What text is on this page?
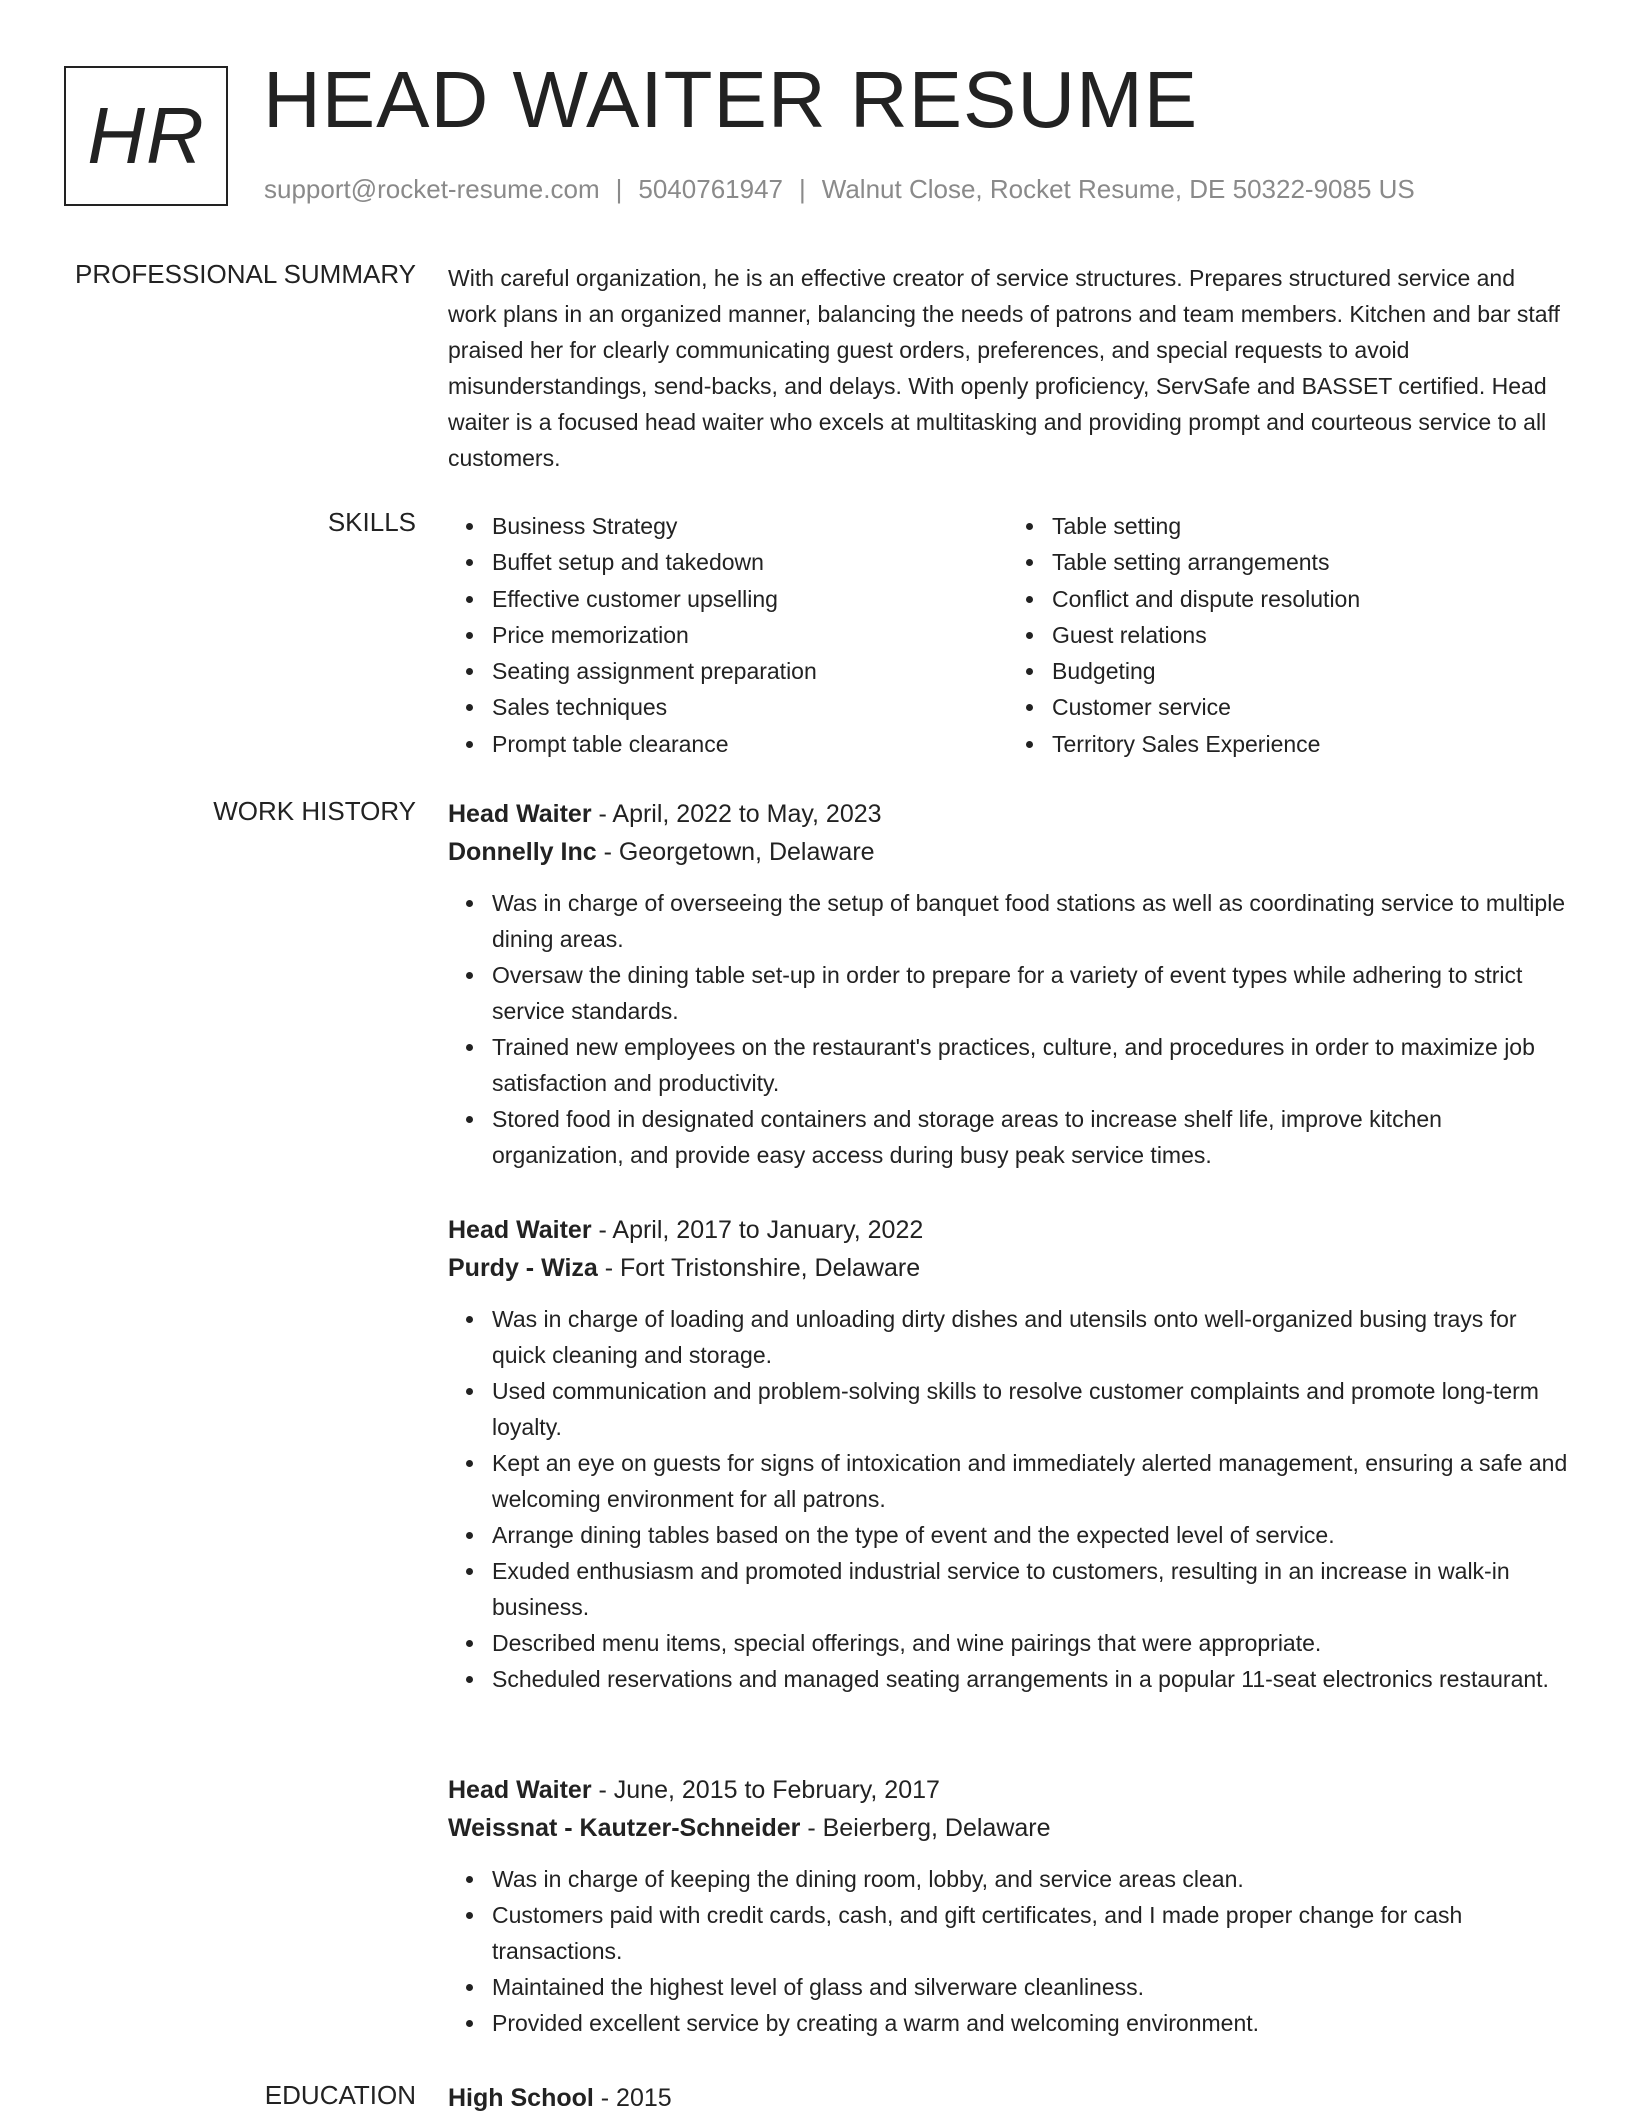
HR HEAD WAITER RESUME
support@rocket-resume.com | 5040761947 | Walnut Close, Rocket Resume, DE 50322-9085 US
PROFESSIONAL SUMMARY With careful organization, he is an effective creator of service structures. Prepares structured service and work plans in an organized manner, balancing the needs of patrons and team members. Kitchen and bar staff praised her for clearly communicating guest orders, preferences, and special requests to avoid misunderstandings, send-backs, and delays. With openly proficiency, ServSafe and BASSET certified. Head waiter is a focused head waiter who excels at multitasking and providing prompt and courteous service to all customers.

SKILLS	Business Strategy
Buffet setup and takedown
Effective customer upselling
Price memorization
Seating assignment preparation
Sales techniques
Prompt table clearance
Table setting
Table setting arrangements
Conflict and dispute resolution
Guest relations
Budgeting
Customer service
Territory Sales Experience
WORK HISTORY Head Waiter - April, 2022 to May, 2023
Donnelly Inc - Georgetown, Delaware
Was in charge of overseeing the setup of banquet food stations as well as coordinating service to multiple dining areas.
Oversaw the dining table set-up in order to prepare for a variety of event types while adhering to strict service standards.
Trained new employees on the restaurant's practices, culture, and procedures in order to maximize job satisfaction and productivity.
Stored food in designated containers and storage areas to increase shelf life, improve kitchen organization, and provide easy access during busy peak service times.
Head Waiter - April, 2017 to January, 2022
Purdy - Wiza - Fort Tristonshire, Delaware
Was in charge of loading and unloading dirty dishes and utensils onto well-organized busing trays for quick cleaning and storage.
Used communication and problem-solving skills to resolve customer complaints and promote long-term loyalty.
Kept an eye on guests for signs of intoxication and immediately alerted management, ensuring a safe and welcoming environment for all patrons.
Arrange dining tables based on the type of event and the expected level of service.
Exuded enthusiasm and promoted industrial service to customers, resulting in an increase in walk-in business.
Described menu items, special offerings, and wine pairings that were appropriate.
Scheduled reservations and managed seating arrangements in a popular 11-seat electronics restaurant.
Head Waiter - June, 2015 to February, 2017
Weissnat - Kautzer-Schneider - Beierberg, Delaware
Was in charge of keeping the dining room, lobby, and service areas clean.
Customers paid with credit cards, cash, and gift certificates, and I made proper change for cash transactions.
Maintained the highest level of glass and silverware cleanliness.
Provided excellent service by creating a warm and welcoming environment.
EDUCATION High School - 2015
